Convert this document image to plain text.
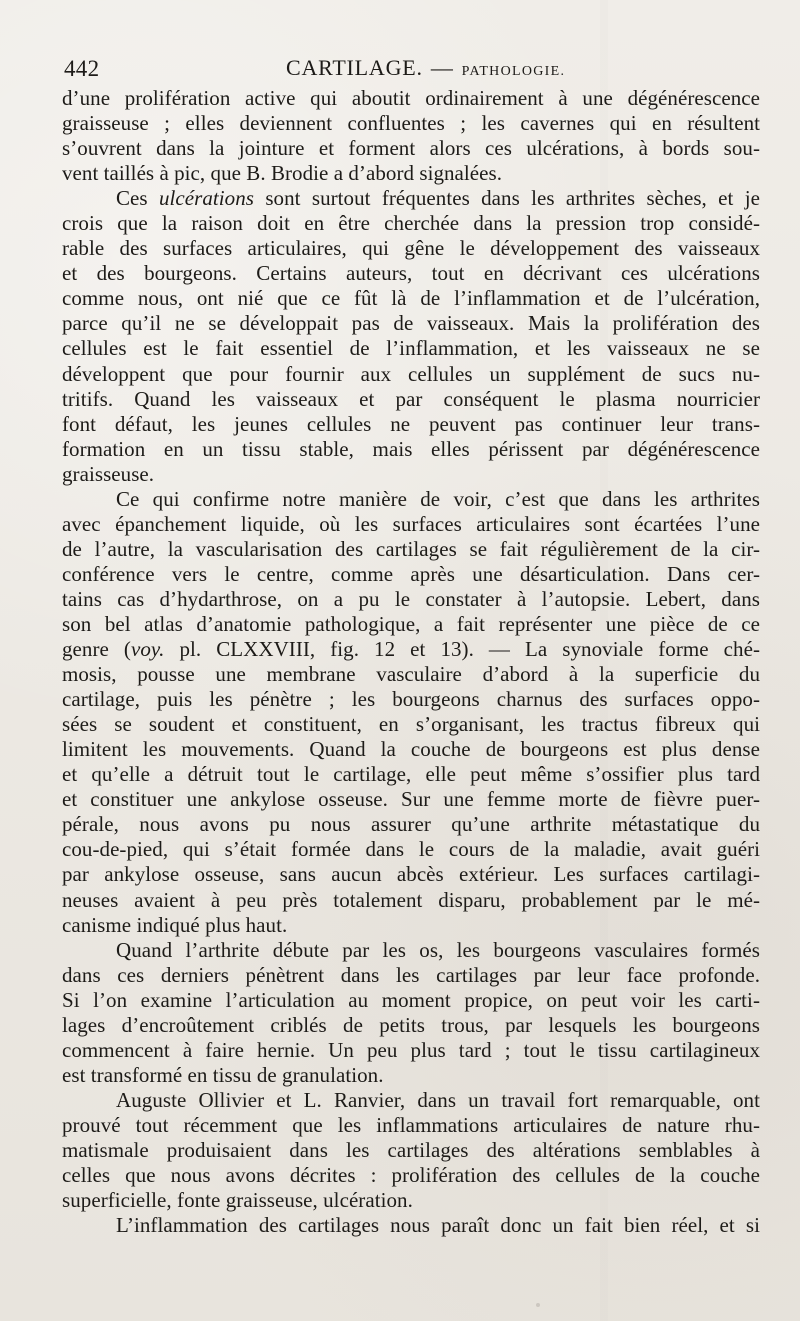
442	CARTILAGE. — PATHOLOGIE.
d’une prolifération active qui aboutit ordinairement à une dégénérescence
graisseuse ; elles deviennent confluentes ; les cavernes qui en résultent
s’ouvrent dans la jointure et forment alors ces ulcérations, à bords sou-
vent taillés à pic, que B. Brodie a d’abord signalées.
Ces ulcérations sont surtout fréquentes dans les arthrites sèches, et je
crois que la raison doit en être cherchée dans la pression trop considé-
rable des surfaces articulaires, qui gêne le développement des vaisseaux
et des bourgeons. Certains auteurs, tout en décrivant ces ulcérations
comme nous, ont nié que ce fût là de l’inflammation et de l’ulcération,
parce qu’il ne se développait pas de vaisseaux. Mais la prolifération des
cellules est le fait essentiel de l’inflammation, et les vaisseaux ne se
développent que pour fournir aux cellules un supplément de sucs nu-
tritifs. Quand les vaisseaux et par conséquent le plasma nourricier
font défaut, les jeunes cellules ne peuvent pas continuer leur trans-
formation en un tissu stable, mais elles périssent par dégénérescence
graisseuse.
Ce qui confirme notre manière de voir, c’est que dans les arthrites
avec épanchement liquide, où les surfaces articulaires sont écartées l’une
de l’autre, la vascularisation des cartilages se fait régulièrement de la cir-
conférence vers le centre, comme après une désarticulation. Dans cer-
tains cas d’hydarthrose, on a pu le constater à l’autopsie. Lebert, dans
son bel atlas d’anatomie pathologique, a fait représenter une pièce de ce
genre (voy. pl. CLXXVIII, fig. 12 et 13). — La synoviale forme ché-
mosis, pousse une membrane vasculaire d’abord à la superficie du
cartilage, puis les pénètre ; les bourgeons charnus des surfaces oppo-
sées se soudent et constituent, en s’organisant, les tractus fibreux qui
limitent les mouvements. Quand la couche de bourgeons est plus dense
et qu’elle a détruit tout le cartilage, elle peut même s’ossifier plus tard
et constituer une ankylose osseuse. Sur une femme morte de fièvre puer-
pérale, nous avons pu nous assurer qu’une arthrite métastatique du
cou-de-pied, qui s’était formée dans le cours de la maladie, avait guéri
par ankylose osseuse, sans aucun abcès extérieur. Les surfaces cartilagi-
neuses avaient à peu près totalement disparu, probablement par le mé-
canisme indiqué plus haut.
Quand l’arthrite débute par les os, les bourgeons vasculaires formés
dans ces derniers pénètrent dans les cartilages par leur face profonde.
Si l’on examine l’articulation au moment propice, on peut voir les carti-
lages d’encroûtement criblés de petits trous, par lesquels les bourgeons
commencent à faire hernie. Un peu plus tard ; tout le tissu cartilagineux
est transformé en tissu de granulation.
Auguste Ollivier et L. Ranvier, dans un travail fort remarquable, ont
prouvé tout récemment que les inflammations articulaires de nature rhu-
matismale produisaient dans les cartilages des altérations semblables à
celles que nous avons décrites : prolifération des cellules de la couche
superficielle, fonte graisseuse, ulcération.
L’inflammation des cartilages nous paraît donc un fait bien réel, et si
